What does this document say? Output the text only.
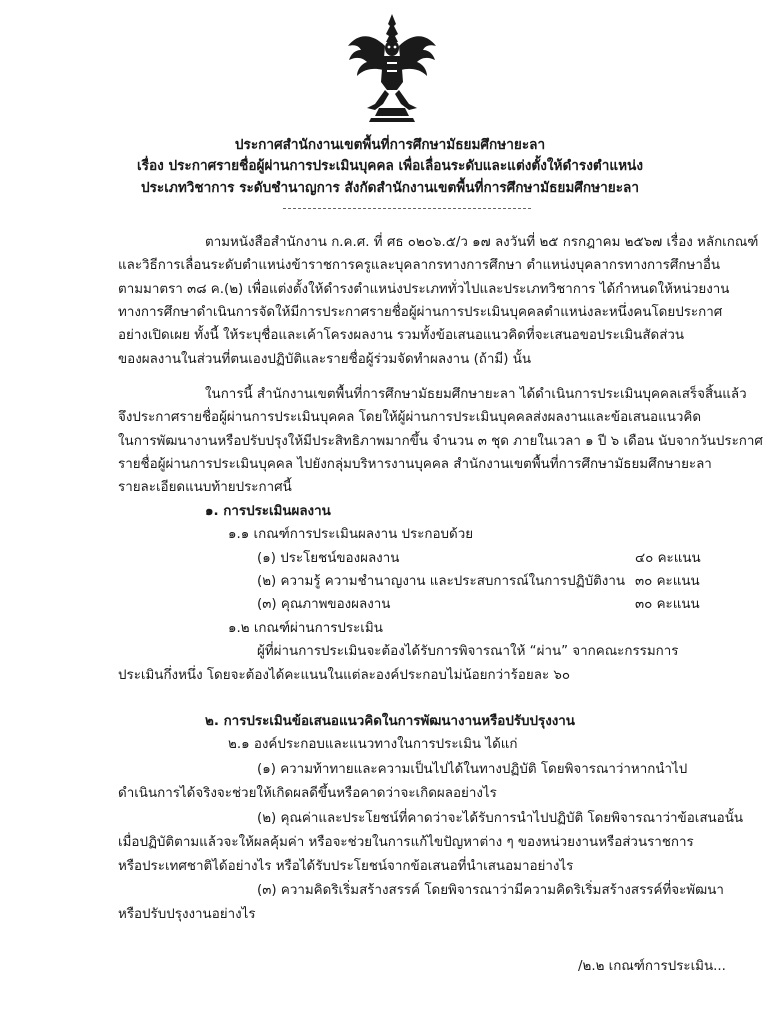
ประกาศสำนักงานเขตพื้นที่การศึกษามัธยมศึกษายะลา
เรื่อง ประกาศรายชื่อผู้ผ่านการประเมินบุคคล เพื่อเลื่อนระดับและแต่งตั้งให้ดำรงตำแหน่ง
ประเภทวิชาการ ระดับชำนาญการ สังกัดสำนักงานเขตพื้นที่การศึกษามัธยมศึกษายะลา
ตามหนังสือสำนักงาน ก.ค.ศ. ที่ ศธ ๐๒๐๖.๕/ว ๑๗ ลงวันที่ ๒๕ กรกฎาคม ๒๕๖๗ เรื่อง หลักเกณฑ์
และวิธีการเลื่อนระดับตำแหน่งข้าราชการครูและบุคลากรทางการศึกษา ตำแหน่งบุคลากรทางการศึกษาอื่น
ตามมาตรา ๓๘ ค.(๒) เพื่อแต่งตั้งให้ดำรงตำแหน่งประเภททั่วไปและประเภทวิชาการ ได้กำหนดให้หน่วยงาน
ทางการศึกษาดำเนินการจัดให้มีการประกาศรายชื่อผู้ผ่านการประเมินบุคคลตำแหน่งละหนึ่งคนโดยประกาศ
อย่างเปิดเผย ทั้งนี้ ให้ระบุชื่อและเค้าโครงผลงาน รวมทั้งข้อเสนอแนวคิดที่จะเสนอขอประเมินสัดส่วน
ของผลงานในส่วนที่ตนเองปฏิบัติและรายชื่อผู้ร่วมจัดทำผลงาน (ถ้ามี) นั้น
ในการนี้ สำนักงานเขตพื้นที่การศึกษามัธยมศึกษายะลา ได้ดำเนินการประเมินบุคคลเสร็จสิ้นแล้ว
จึงประกาศรายชื่อผู้ผ่านการประเมินบุคคล โดยให้ผู้ผ่านการประเมินบุคคลส่งผลงานและข้อเสนอแนวคิด
ในการพัฒนางานหรือปรับปรุงให้มีประสิทธิภาพมากขึ้น จำนวน ๓ ชุด ภายในเวลา ๑ ปี ๖ เดือน นับจากวันประกาศ
รายชื่อผู้ผ่านการประเมินบุคคล ไปยังกลุ่มบริหารงานบุคคล สำนักงานเขตพื้นที่การศึกษามัธยมศึกษายะลา
รายละเอียดแนบท้ายประกาศนี้
๑. การประเมินผลงาน
๑.๑ เกณฑ์การประเมินผลงาน ประกอบด้วย
(๑) ประโยชน์ของผลงาน	๔๐ คะแนน
(๒) ความรู้ ความชำนาญงาน และประสบการณ์ในการปฏิบัติงาน ๓๐ คะแนน
(๓) คุณภาพของผลงาน	๓๐ คะแนน
๑.๒ เกณฑ์ผ่านการประเมิน
ผู้ที่ผ่านการประเมินจะต้องได้รับการพิจารณาให้ “ผ่าน” จากคณะกรรมการ
ประเมินกึ่งหนึ่ง โดยจะต้องได้คะแนนในแต่ละองค์ประกอบไม่น้อยกว่าร้อยละ ๖๐
๒. การประเมินข้อเสนอแนวคิดในการพัฒนางานหรือปรับปรุงงาน
๒.๑ องค์ประกอบและแนวทางในการประเมิน ได้แก่
(๑) ความท้าทายและความเป็นไปได้ในทางปฏิบัติ โดยพิจารณาว่าหากนำไป
ดำเนินการได้จริงจะช่วยให้เกิดผลดีขึ้นหรือคาดว่าจะเกิดผลอย่างไร
(๒) คุณค่าและประโยชน์ที่คาดว่าจะได้รับการนำไปปฏิบัติ โดยพิจารณาว่าข้อเสนอนั้น
เมื่อปฏิบัติตามแล้วจะให้ผลคุ้มค่า หรือจะช่วยในการแก้ไขปัญหาต่าง ๆ ของหน่วยงานหรือส่วนราชการ
หรือประเทศชาติได้อย่างไร หรือได้รับประโยชน์จากข้อเสนอที่นำเสนอมาอย่างไร
(๓) ความคิดริเริ่มสร้างสรรค์ โดยพิจารณาว่ามีความคิดริเริ่มสร้างสรรค์ที่จะพัฒนา
หรือปรับปรุงงานอย่างไร
/๒.๒ เกณฑ์การประเมิน...
